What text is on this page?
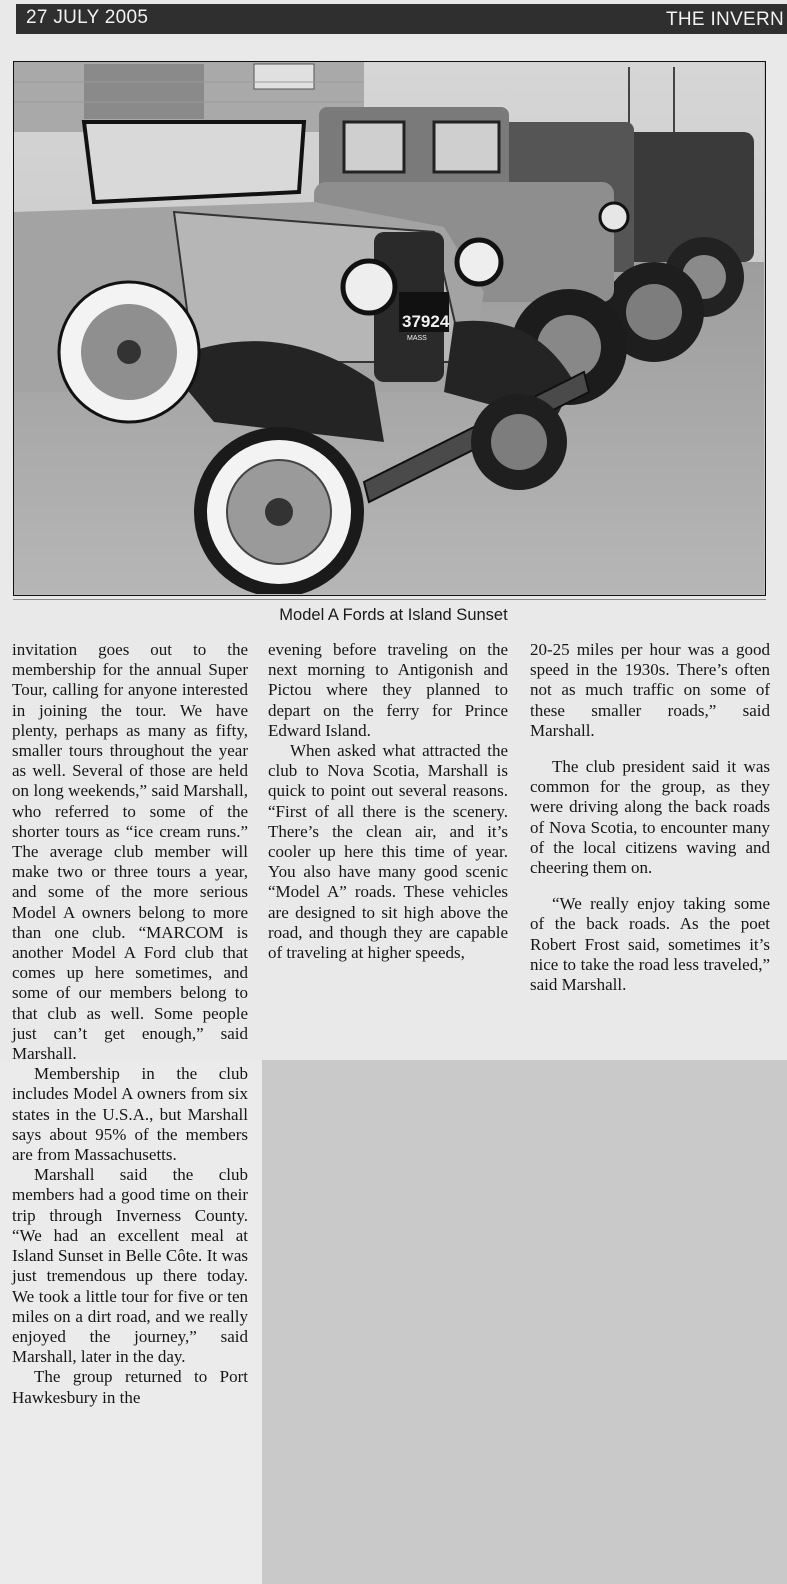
27 JULY 2005	THE INVERN
37924
MASS
Model A Fords at Island Sunset

invitation goes out to the membership for the annual Super Tour, calling for anyone interested in joining the tour. We have plenty, perhaps as many as fifty, smaller tours throughout the year as well. Several of those are held on long weekends,” said Marshall, who referred to some of the shorter tours as “ice cream runs.” The average club member will make two or three tours a year, and some of the more serious Model A owners belong to more than one club. “MARCOM is another Model A Ford club that comes up here sometimes, and some of our members belong to that club as well. Some people just can’t get enough,” said Marshall.

Membership in the club includes Model A owners from six states in the U.S.A., but Marshall says about 95% of the members are from Massachusetts.

Marshall said the club members had a good time on their trip through Inverness County. “We had an excellent meal at Island Sunset in Belle Côte. It was just tremendous up there today. We took a little tour for five or ten miles on a dirt road, and we really enjoyed the journey,” said Marshall, later in the day.

The group returned to Port Hawkesbury in the

evening before traveling on the next morning to Antigonish and Pictou where they planned to depart on the ferry for Prince Edward Island.

When asked what attracted the club to Nova Scotia, Marshall is quick to point out several reasons. “First of all there is the scenery. There’s the clean air, and it’s cooler up here this time of year. You also have many good scenic “Model A” roads. These vehicles are designed to sit high above the road, and though they are capable of traveling at higher speeds,

20-25 miles per hour was a good speed in the 1930s. There’s often not as much traffic on some of these smaller roads,” said Marshall.

The club president said it was common for the group, as they were driving along the back roads of Nova Scotia, to encounter many of the local citizens waving and cheering them on.

“We really enjoy taking some of the back roads. As the poet Robert Frost said, sometimes it’s nice to take the road less traveled,” said Marshall.
